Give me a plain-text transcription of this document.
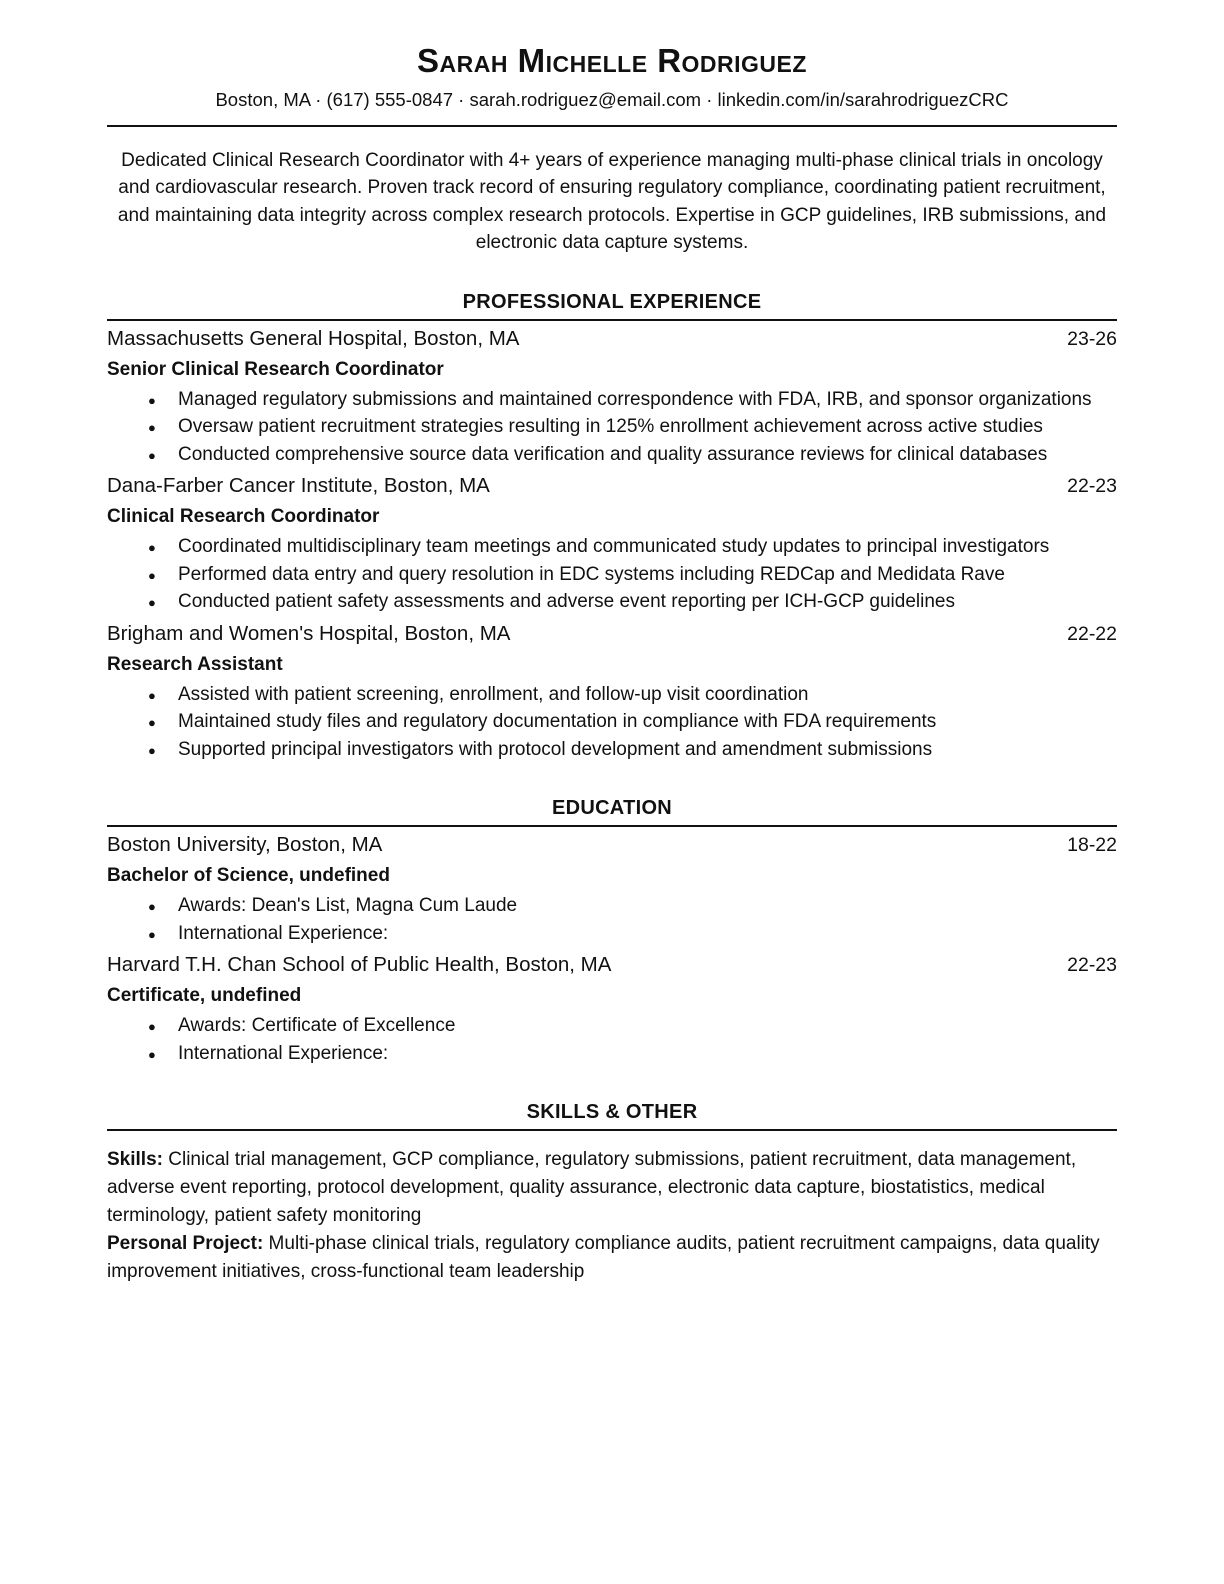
Sarah Michelle Rodriguez

Boston, MA · (617) 555-0847 · sarah.rodriguez@email.com · linkedin.com/in/sarahrodriguezCRC

Dedicated Clinical Research Coordinator with 4+ years of experience managing multi-phase clinical trials in oncology and cardiovascular research. Proven track record of ensuring regulatory compliance, coordinating patient recruitment, and maintaining data integrity across complex research protocols. Expertise in GCP guidelines, IRB submissions, and electronic data capture systems.

PROFESSIONAL EXPERIENCE
Massachusetts General Hospital, Boston, MA	23-26
Senior Clinical Research Coordinator
● Managed regulatory submissions and maintained correspondence with FDA, IRB, and sponsor organizations
● Oversaw patient recruitment strategies resulting in 125% enrollment achievement across active studies
● Conducted comprehensive source data verification and quality assurance reviews for clinical databases
Dana-Farber Cancer Institute, Boston, MA	22-23
Clinical Research Coordinator
● Coordinated multidisciplinary team meetings and communicated study updates to principal investigators
● Performed data entry and query resolution in EDC systems including REDCap and Medidata Rave
● Conducted patient safety assessments and adverse event reporting per ICH-GCP guidelines
Brigham and Women's Hospital, Boston, MA	22-22
Research Assistant
● Assisted with patient screening, enrollment, and follow-up visit coordination
● Maintained study files and regulatory documentation in compliance with FDA requirements
● Supported principal investigators with protocol development and amendment submissions
EDUCATION
Boston University, Boston, MA	18-22
Bachelor of Science, undefined
● Awards: Dean's List, Magna Cum Laude
● International Experience:
Harvard T.H. Chan School of Public Health, Boston, MA	22-23
Certificate, undefined
● Awards: Certificate of Excellence
● International Experience:
SKILLS & OTHER

Skills: Clinical trial management, GCP compliance, regulatory submissions, patient recruitment, data management, adverse event reporting, protocol development, quality assurance, electronic data capture, biostatistics, medical terminology, patient safety monitoring

Personal Project: Multi-phase clinical trials, regulatory compliance audits, patient recruitment campaigns, data quality improvement initiatives, cross-functional team leadership
